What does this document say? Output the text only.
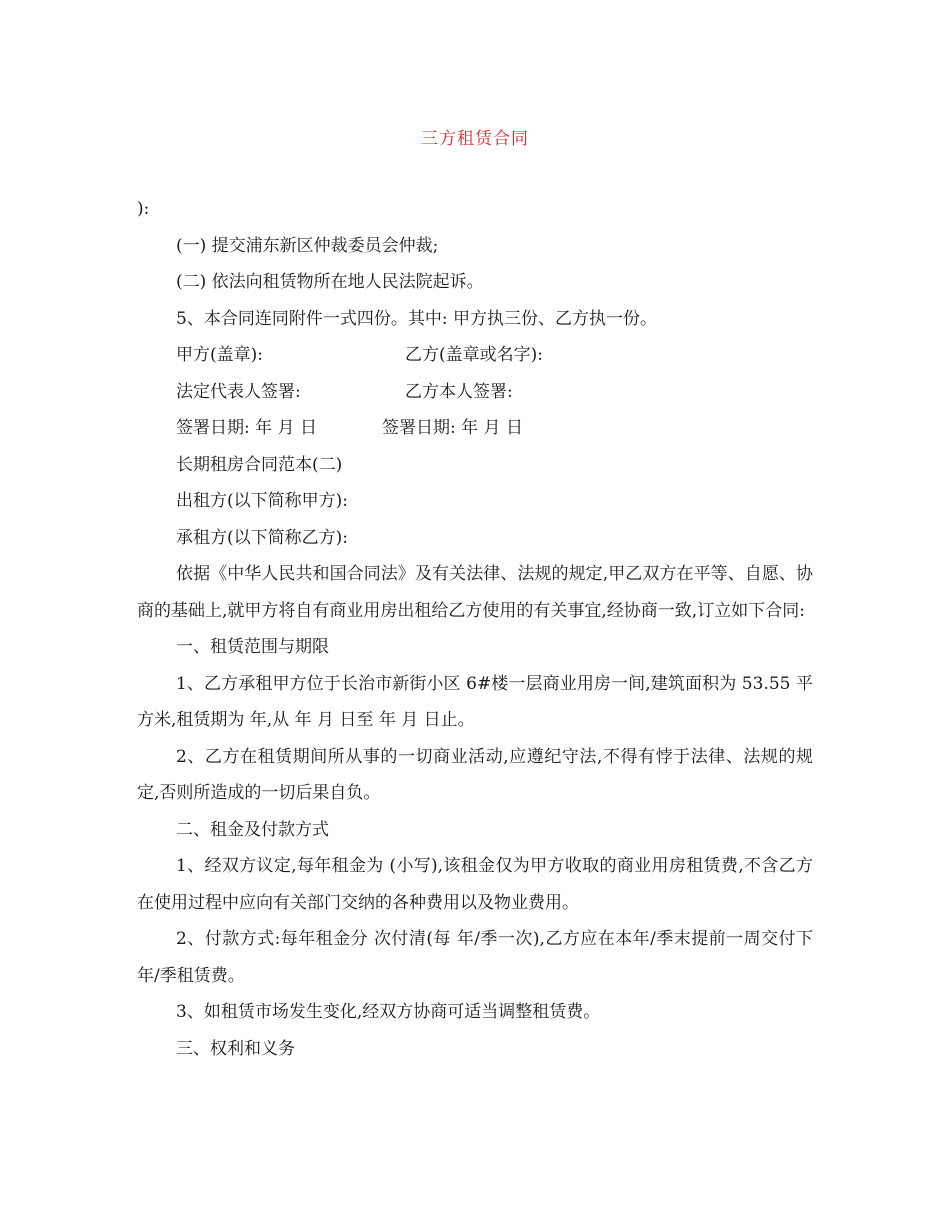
三方租赁合同

):

(一) 提交浦东新区仲裁委员会仲裁;

(二) 依法向租赁物所在地人民法院起诉。

5、本合同连同附件一式四份。其中: 甲方执三份、乙方执一份。

甲方(盖章):	乙方(盖章或名字):
法定代表人签署:	乙方本人签署:
签署日期: 年 月 日	签署日期: 年 月 日

长期租房合同范本(二)

出租方(以下简称甲方):

承租方(以下简称乙方):

依据《中华人民共和国合同法》及有关法律、法规的规定,甲乙双方在平等、自愿、协商的基础上,就甲方将自有商业用房出租给乙方使用的有关事宜,经协商一致,订立如下合同:

一、租赁范围与期限

1、乙方承租甲方位于长治市新街小区 6#楼一层商业用房一间,建筑面积为 53.55 平方米,租赁期为 年,从 年 月 日至 年 月 日止。

2、乙方在租赁期间所从事的一切商业活动,应遵纪守法,不得有悖于法律、法规的规定,否则所造成的一切后果自负。

二、租金及付款方式

1、经双方议定,每年租金为 (小写),该租金仅为甲方收取的商业用房租赁费,不含乙方在使用过程中应向有关部门交纳的各种费用以及物业费用。

2、付款方式:每年租金分 次付清(每 年/季一次),乙方应在本年/季末提前一周交付下年/季租赁费。

3、如租赁市场发生变化,经双方协商可适当调整租赁费。

三、权利和义务
